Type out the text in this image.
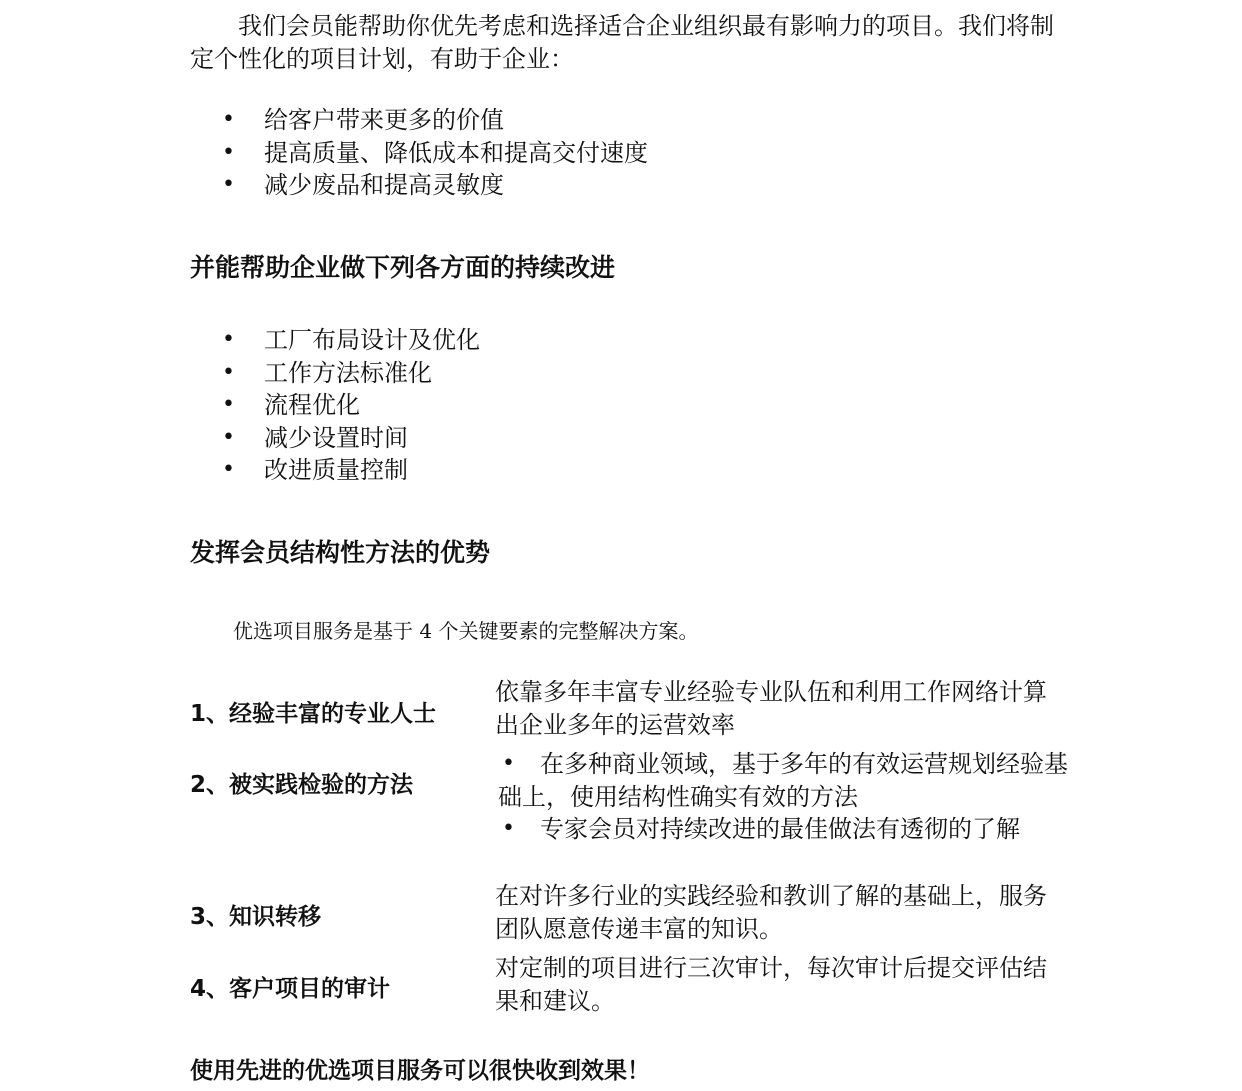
我们会员能帮助你优先考虑和选择适合企业组织最有影响力的项目。我们将制定个性化的项目计划，有助于企业：

• 给客户带来更多的价值
• 提高质量、降低成本和提高交付速度
• 减少废品和提高灵敏度
并能帮助企业做下列各方面的持续改进
• 工厂布局设计及优化
• 工作方法标准化
• 流程优化
• 减少设置时间
• 改进质量控制
发挥会员结构性方法的优势

优选项目服务是基于 4 个关键要素的完整解决方案。

1、经验丰富的专业人士

依靠多年丰富专业经验专业队伍和利用工作网络计算出企业多年的运营效率

2、被实践检验的方法

• 在多种商业领域，基于多年的有效运营规划经验基础上，使用结构性确实有效的方法
• 专家会员对持续改进的最佳做法有透彻的了解

3、知识转移

在对许多行业的实践经验和教训了解的基础上，服务团队愿意传递丰富的知识。

4、客户项目的审计

对定制的项目进行三次审计，每次审计后提交评估结果和建议。

使用先进的优选项目服务可以很快收到效果！
